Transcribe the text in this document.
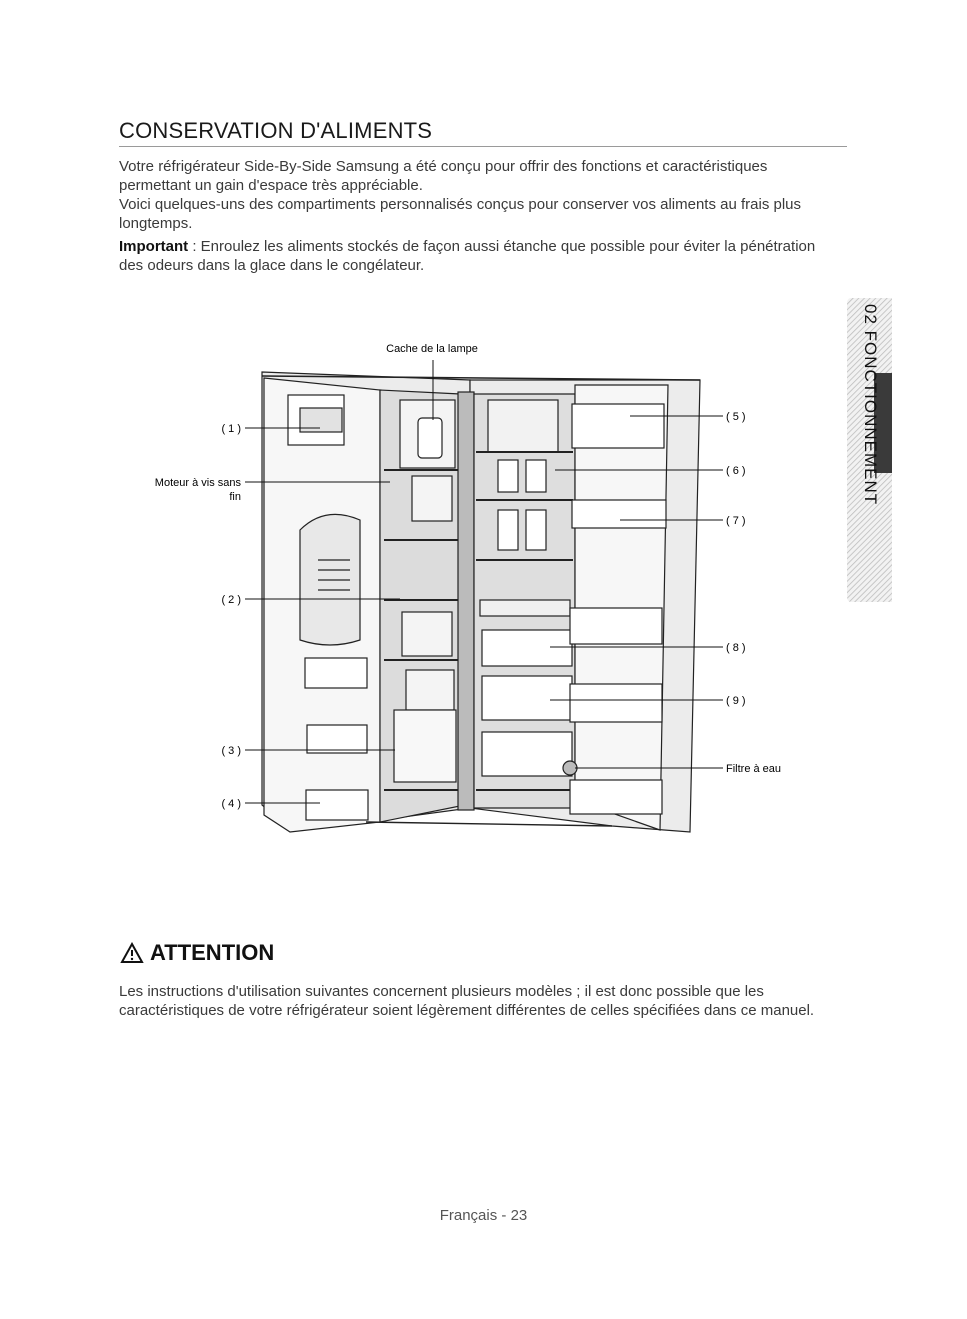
CONSERVATION D'ALIMENTS

Votre réfrigérateur Side-By-Side Samsung a été conçu pour offrir des fonctions et caractéristiques

permettant un gain d'espace très appréciable.

Voici quelques-uns des compartiments personnalisés conçus pour conserver vos aliments au frais plus

longtemps.

Important : Enroulez les aliments stockés de façon aussi étanche que possible pour éviter la pénétration

des odeurs dans la glace dans le congélateur.

02 FONCTIONNEMENT
Cache de la lampe
Moteur à vis sans
fin
Filtre à eau
( 1 )
( 2 )
( 3 )
( 4 )
( 5 )
( 6 )
( 7 )
( 8 )
( 9 )
ATTENTION

Les instructions d'utilisation suivantes concernent plusieurs modèles ; il est donc possible que les

caractéristiques de votre réfrigérateur soient légèrement différentes de celles spécifiées dans ce manuel.

Français - 23
